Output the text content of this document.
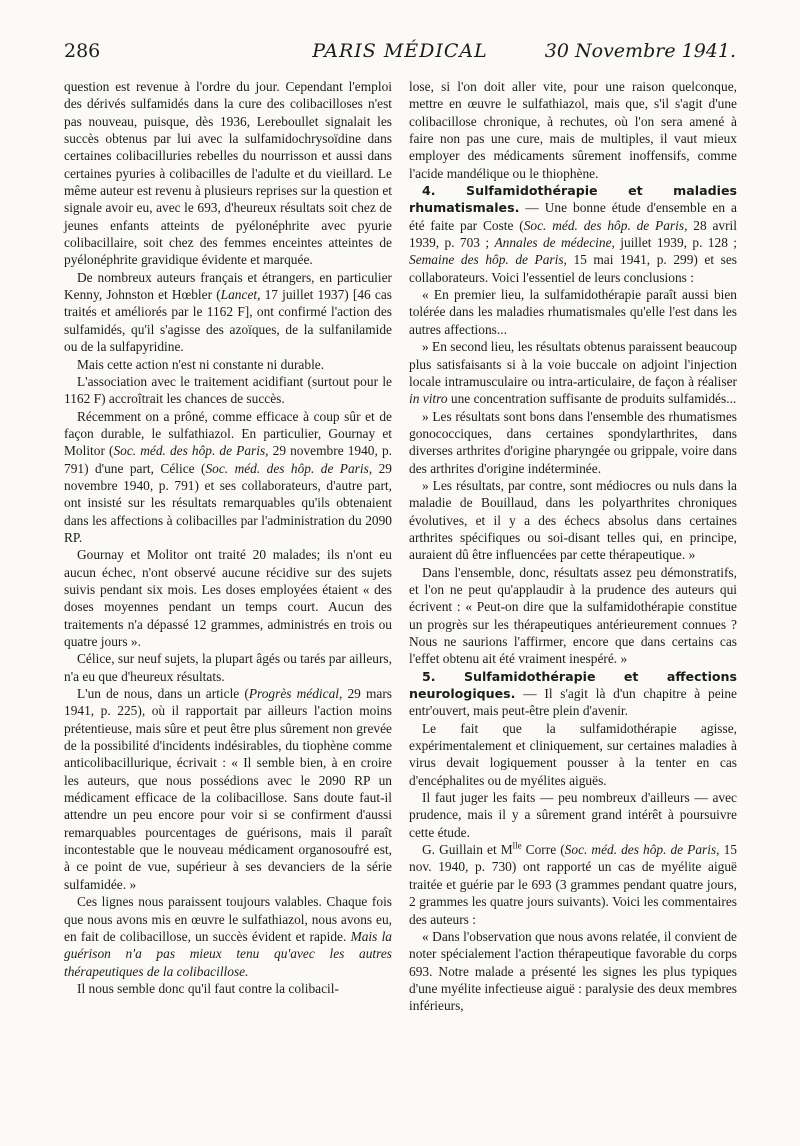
286	PARIS MÉDICAL	30 Novembre 1941.

question est revenue à l'ordre du jour. Cependant l'emploi des dérivés sulfamidés dans la cure des colibacilloses n'est pas nouveau, puisque, dès 1936, Lereboullet signalait les succès obtenus par lui avec la sulfamidochrysoïdine dans certaines colibacilluries rebelles du nourrisson et aussi dans certaines pyuries à colibacilles de l'adulte et du vieillard. Le même auteur est revenu à plusieurs reprises sur la question et signale avoir eu, avec le 693, d'heureux résultats soit chez de jeunes enfants atteints de pyélonéphrite avec pyurie colibacillaire, soit chez des femmes enceintes atteintes de pyélonéphrite gravidique évidente et marquée.

De nombreux auteurs français et étrangers, en particulier Kenny, Johnston et Hœbler (Lancet, 17 juillet 1937) [46 cas traités et améliorés par le 1162 F], ont confirmé l'action des sulfamidés, qu'il s'agisse des azoïques, de la sulfanilamide ou de la sulfapyridine.

Mais cette action n'est ni constante ni durable.

L'association avec le traitement acidifiant (surtout pour le 1162 F) accroîtrait les chances de succès.

Récemment on a prôné, comme efficace à coup sûr et de façon durable, le sulfathiazol. En particulier, Gournay et Molitor (Soc. méd. des hôp. de Paris, 29 novembre 1940, p. 791) d'une part, Célice (Soc. méd. des hôp. de Paris, 29 novembre 1940, p. 791) et ses collaborateurs, d'autre part, ont insisté sur les résultats remarquables qu'ils obtenaient dans les affections à colibacilles par l'administration du 2090 RP.

Gournay et Molitor ont traité 20 malades; ils n'ont eu aucun échec, n'ont observé aucune récidive sur des sujets suivis pendant six mois. Les doses employées étaient « des doses moyennes pendant un temps court. Aucun des traitements n'a dépassé 12 grammes, administrés en trois ou quatre jours ».

Célice, sur neuf sujets, la plupart âgés ou tarés par ailleurs, n'a eu que d'heureux résultats.

L'un de nous, dans un article (Progrès médical, 29 mars 1941, p. 225), où il rapportait par ailleurs l'action moins prétentieuse, mais sûre et peut être plus sûrement non grevée de la possibilité d'incidents indésirables, du tiophène comme anticolibacillurique, écrivait : « Il semble bien, à en croire les auteurs, que nous possédions avec le 2090 RP un médicament efficace de la colibacillose. Sans doute faut-il attendre un peu encore pour voir si se confirment d'aussi remarquables pourcentages de guérisons, mais il paraît incontestable que le nouveau médicament organosoufré est, à ce point de vue, supérieur à ses devanciers de la série sulfamidée. »

Ces lignes nous paraissent toujours valables. Chaque fois que nous avons mis en œuvre le sulfathiazol, nous avons eu, en fait de colibacillose, un succès évident et rapide. Mais la guérison n'a pas mieux tenu qu'avec les autres thérapeutiques de la colibacillose.

Il nous semble donc qu'il faut contre la colibacil-

lose, si l'on doit aller vite, pour une raison quelconque, mettre en œuvre le sulfathiazol, mais que, s'il s'agit d'une colibacillose chronique, à rechutes, où l'on sera amené à faire non pas une cure, mais de multiples, il vaut mieux employer des médicaments sûrement inoffensifs, comme l'acide mandélique ou le thiophène.

4. Sulfamidothérapie et maladies rhumatismales. — Une bonne étude d'ensemble en a été faite par Coste (Soc. méd. des hôp. de Paris, 28 avril 1939, p. 703 ; Annales de médecine, juillet 1939, p. 128 ; Semaine des hôp. de Paris, 15 mai 1941, p. 299) et ses collaborateurs. Voici l'essentiel de leurs conclusions :

« En premier lieu, la sulfamidothérapie paraît aussi bien tolérée dans les maladies rhumatismales qu'elle l'est dans les autres affections...

» En second lieu, les résultats obtenus paraissent beaucoup plus satisfaisants si à la voie buccale on adjoint l'injection locale intramusculaire ou intra-articulaire, de façon à réaliser in vitro une concentration suffisante de produits sulfamidés...

» Les résultats sont bons dans l'ensemble des rhumatismes gonococciques, dans certaines spondylarthrites, dans diverses arthrites d'origine pharyngée ou grippale, voire dans des arthrites d'origine indéterminée.

» Les résultats, par contre, sont médiocres ou nuls dans la maladie de Bouillaud, dans les polyarthrites chroniques évolutives, et il y a des échecs absolus dans certaines arthrites spécifiques ou soi-disant telles qui, en principe, auraient dû être influencées par cette thérapeutique. »

Dans l'ensemble, donc, résultats assez peu démonstratifs, et l'on ne peut qu'applaudir à la prudence des auteurs qui écrivent : « Peut-on dire que la sulfamidothérapie constitue un progrès sur les thérapeutiques antérieurement connues ? Nous ne saurions l'affirmer, encore que dans certains cas l'effet obtenu ait été vraiment inespéré. »

5. Sulfamidothérapie et affections neurologiques. — Il s'agit là d'un chapitre à peine entr'ouvert, mais peut-être plein d'avenir.

Le fait que la sulfamidothérapie agisse, expérimentalement et cliniquement, sur certaines maladies à virus devait logiquement pousser à la tenter en cas d'encéphalites ou de myélites aiguës.

Il faut juger les faits — peu nombreux d'ailleurs — avec prudence, mais il y a sûrement grand intérêt à poursuivre cette étude.

G. Guillain et $M^{lle}$ Corre (Soc. méd. des hôp. de Paris, 15 nov. 1940, p. 730) ont rapporté un cas de myélite aiguë traitée et guérie par le 693 (3 grammes pendant quatre jours, 2 grammes les quatre jours suivants). Voici les commentaires des auteurs :

« Dans l'observation que nous avons relatée, il convient de noter spécialement l'action thérapeutique favorable du corps 693. Notre malade a présenté les signes les plus typiques d'une myélite infectieuse aiguë : paralysie des deux membres inférieurs,
